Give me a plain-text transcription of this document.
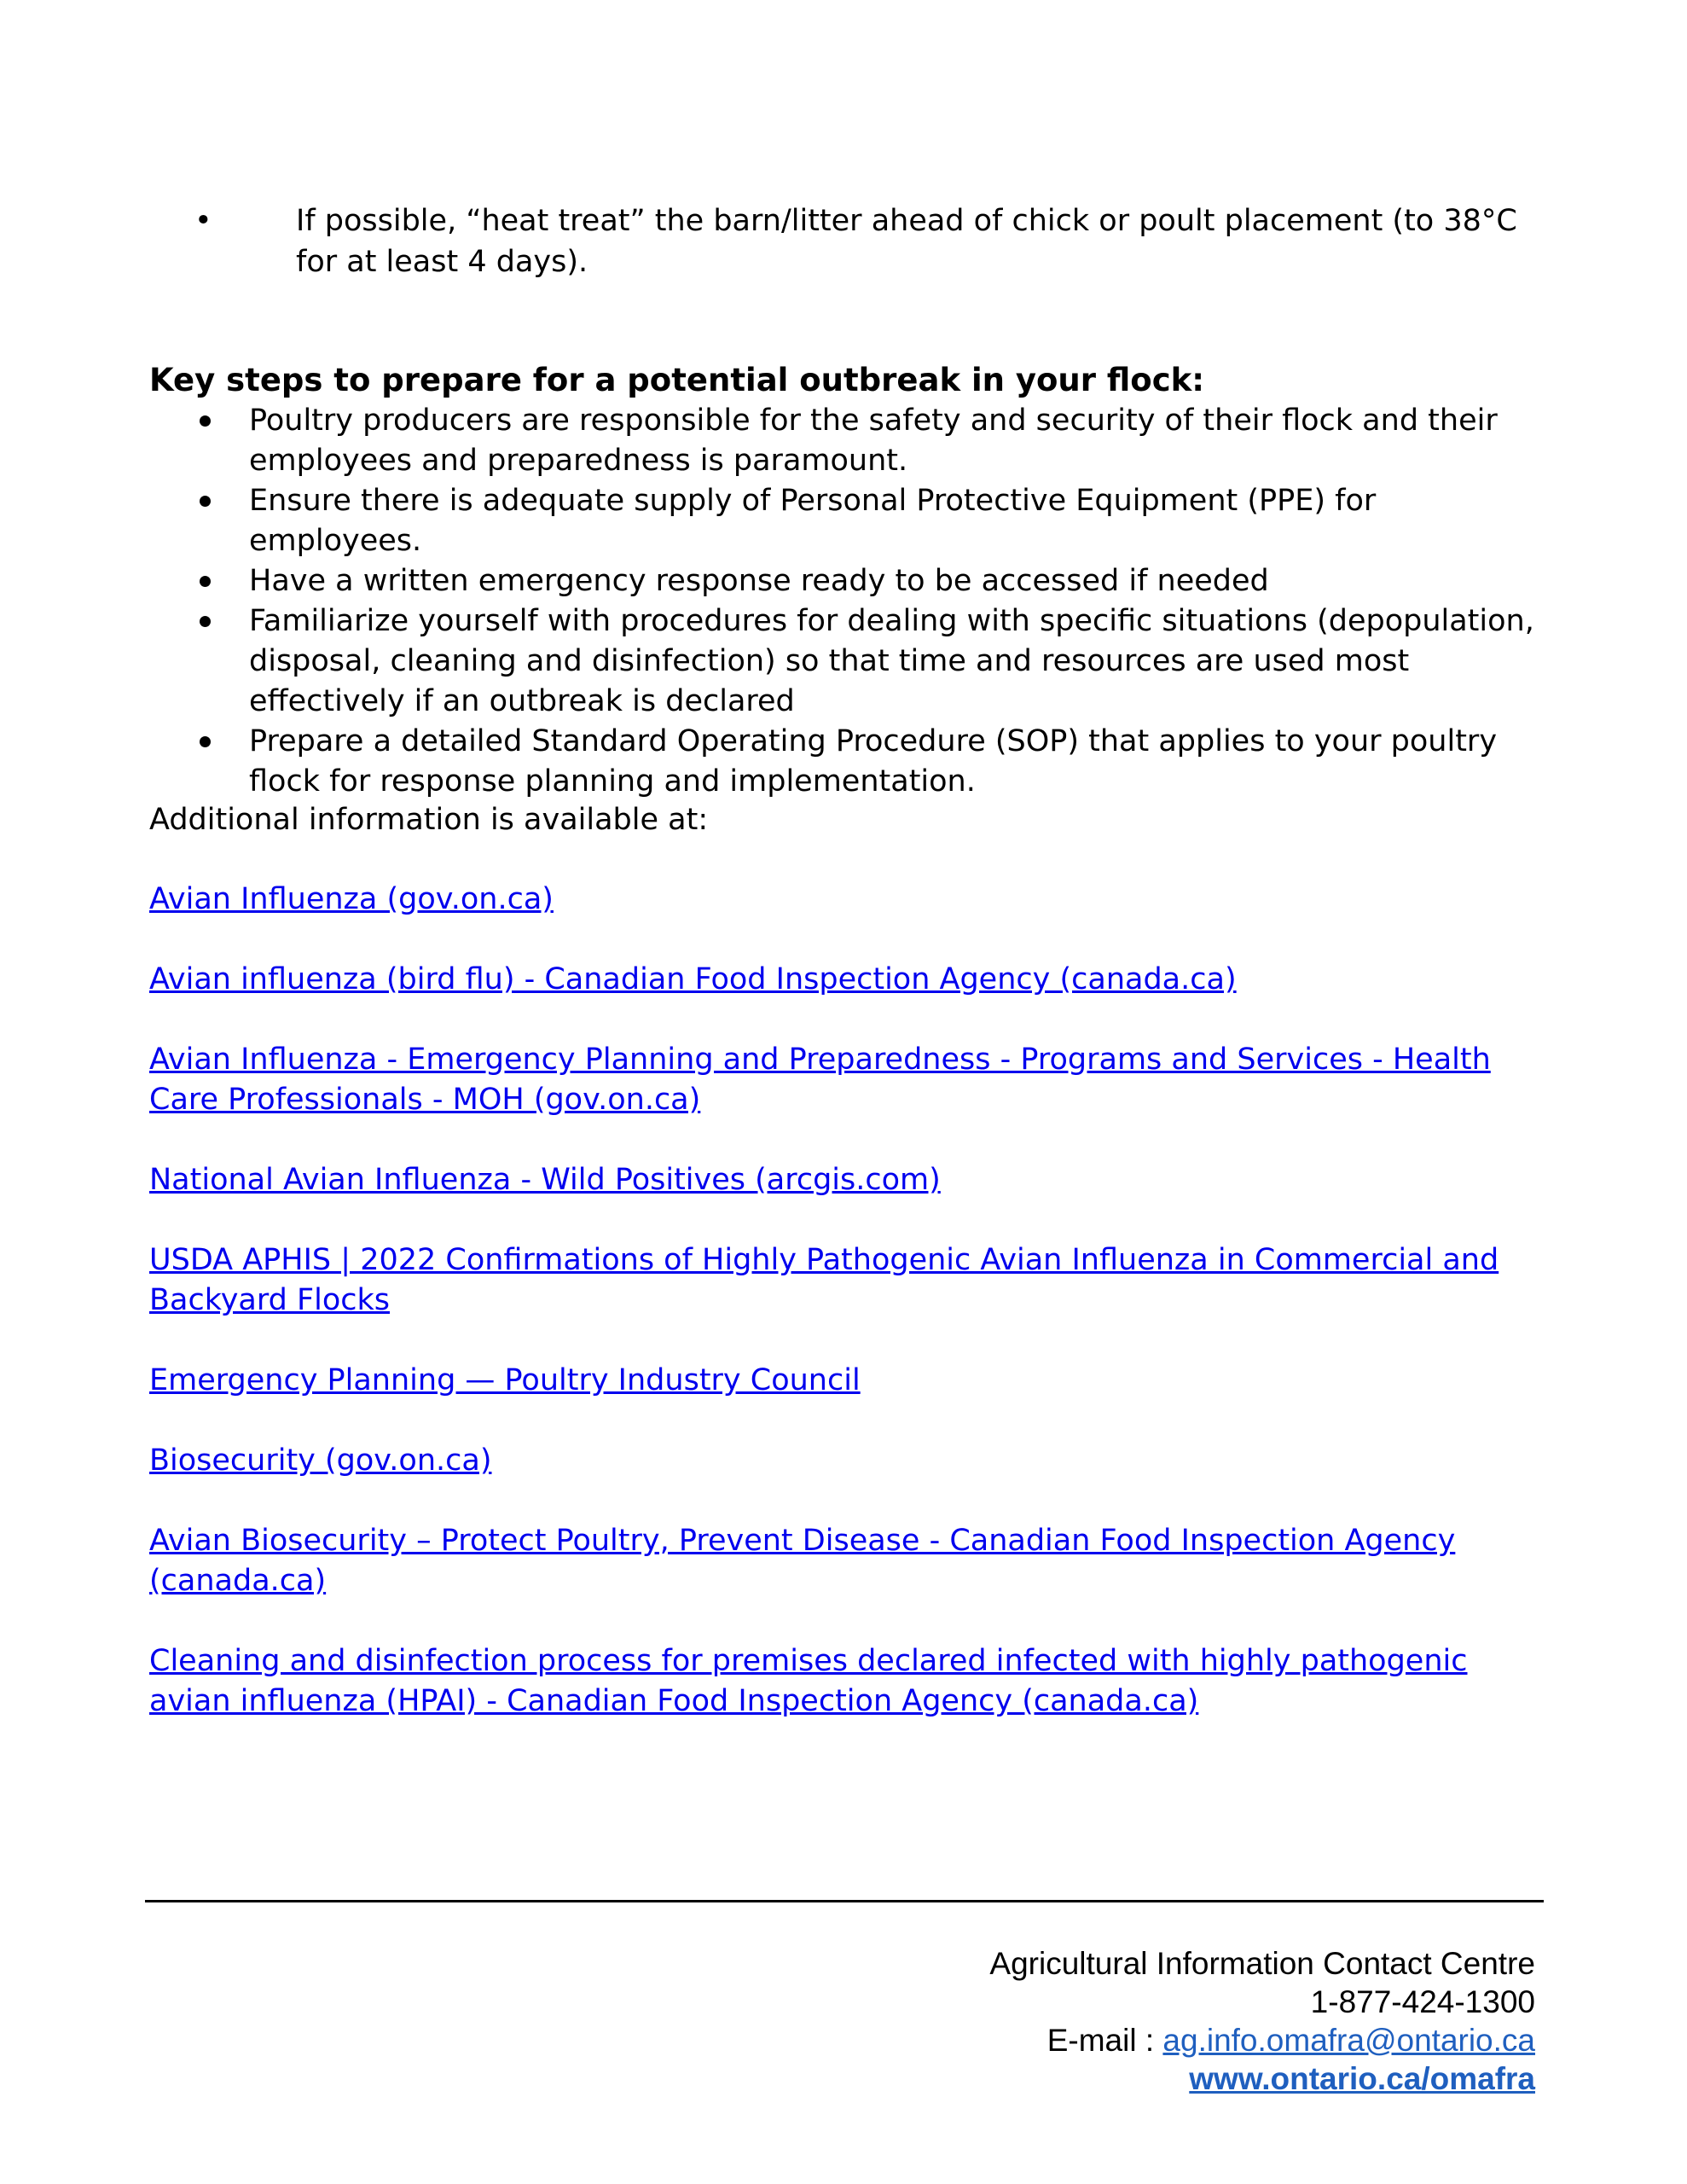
•	If possible, “heat treat” the barn/litter ahead of chick or poult placement (to 38°C for at least 4 days).
Key steps to prepare for a potential outbreak in your flock:
Poultry producers are responsible for the safety and security of their flock and their employees and preparedness is paramount.
Ensure there is adequate supply of Personal Protective Equipment (PPE) for employees.
Have a written emergency response ready to be accessed if needed
Familiarize yourself with procedures for dealing with specific situations (depopulation, disposal, cleaning and disinfection) so that time and resources are used most effectively if an outbreak is declared
Prepare a detailed Standard Operating Procedure (SOP) that applies to your poultry flock for response planning and implementation.
Additional information is available at:
Avian Influenza (gov.on.ca)
Avian influenza (bird flu) - Canadian Food Inspection Agency (canada.ca)
Avian Influenza - Emergency Planning and Preparedness - Programs and Services - Health Care Professionals - MOH (gov.on.ca)
National Avian Influenza - Wild Positives (arcgis.com)
USDA APHIS | 2022 Confirmations of Highly Pathogenic Avian Influenza in Commercial and Backyard Flocks
Emergency Planning — Poultry Industry Council
Biosecurity (gov.on.ca)
Avian Biosecurity – Protect Poultry, Prevent Disease - Canadian Food Inspection Agency (canada.ca)
Cleaning and disinfection process for premises declared infected with highly pathogenic avian influenza (HPAI) - Canadian Food Inspection Agency (canada.ca)
Agricultural Information Contact Centre
1-877-424-1300
E-mail : ag.info.omafra@ontario.ca
www.ontario.ca/omafra
